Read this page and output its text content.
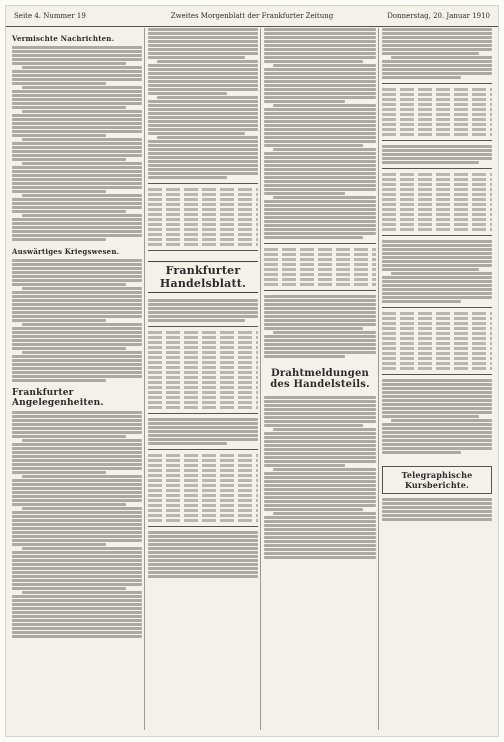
Seite 4. Nummer 19	Zweites Morgenblatt der Frankfurter Zeitung	Donnerstag, 20. Januar 1910
Vermischte Nachrichten.
Auswärtiges Kriegswesen.
Frankfurter Angelegenheiten.
Frankfurter Handelsblatt.
Drahtmeldungen des Handelsteils.
Telegraphische Kursberichte.
